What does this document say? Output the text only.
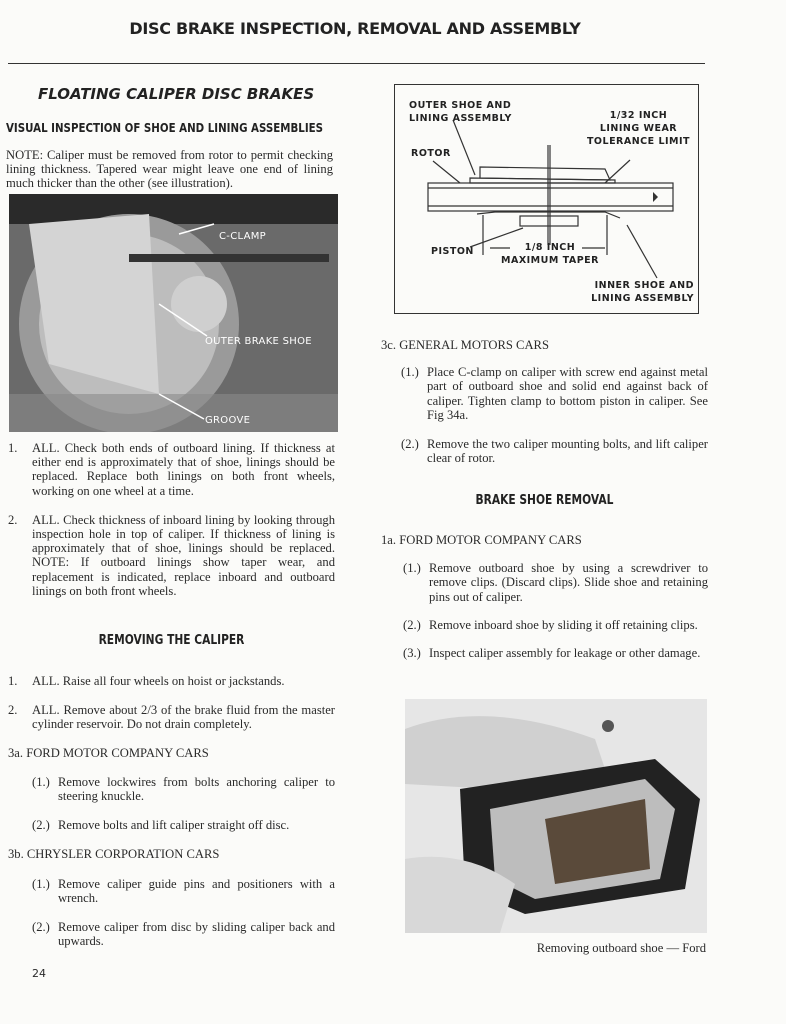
DISC BRAKE INSPECTION, REMOVAL AND ASSEMBLY
FLOATING CALIPER DISC BRAKES
VISUAL INSPECTION OF SHOE AND LINING ASSEMBLIES
NOTE: Caliper must be removed from rotor to permit checking lining thickness. Tapered wear might leave one end of lining much thicker than the other (see illustration).
C-CLAMP
OUTER BRAKE SHOE
GROOVE
1.	ALL. Check both ends of outboard lining. If thickness at either end is approximately that of shoe, linings should be replaced. Replace both linings on both front wheels, working on one wheel at a time.
2.	ALL. Check thickness of inboard lining by looking through inspection hole in top of caliper. If thickness of lining is approximately that of shoe, linings should be replaced. NOTE: If outboard linings show taper wear, and replacement is indicated, replace inboard and outboard linings on both front wheels.
REMOVING THE CALIPER
1.	ALL. Raise all four wheels on hoist or jackstands.
2.	ALL. Remove about 2/3 of the brake fluid from the master cylinder reservoir. Do not drain completely.
3a. FORD MOTOR COMPANY CARS
(1.) Remove lockwires from bolts anchoring caliper to steering knuckle.
(2.) Remove bolts and lift caliper straight off disc.
3b. CHRYSLER CORPORATION CARS
(1.) Remove caliper guide pins and positioners with a wrench.
(2.) Remove caliper from disc by sliding caliper back and upwards.
24
OUTER SHOE AND
LINING ASSEMBLY
ROTOR
1/32 INCH
LINING WEAR
TOLERANCE LIMIT
PISTON	1/8 INCH
MAXIMUM TAPER
INNER SHOE AND
LINING ASSEMBLY
3c. GENERAL MOTORS CARS
(1.) Place C-clamp on caliper with screw end against metal part of outboard shoe and solid end against back of caliper. Tighten clamp to bottom piston in caliper. See Fig 34a.
(2.) Remove the two caliper mounting bolts, and lift caliper clear of rotor.
BRAKE SHOE REMOVAL
1a. FORD MOTOR COMPANY CARS
(1.) Remove outboard shoe by using a screwdriver to remove clips. (Discard clips). Slide shoe and retaining pins out of caliper.
(2.) Remove inboard shoe by sliding it off retaining clips.
(3.) Inspect caliper assembly for leakage or other damage.
Removing outboard shoe — Ford
